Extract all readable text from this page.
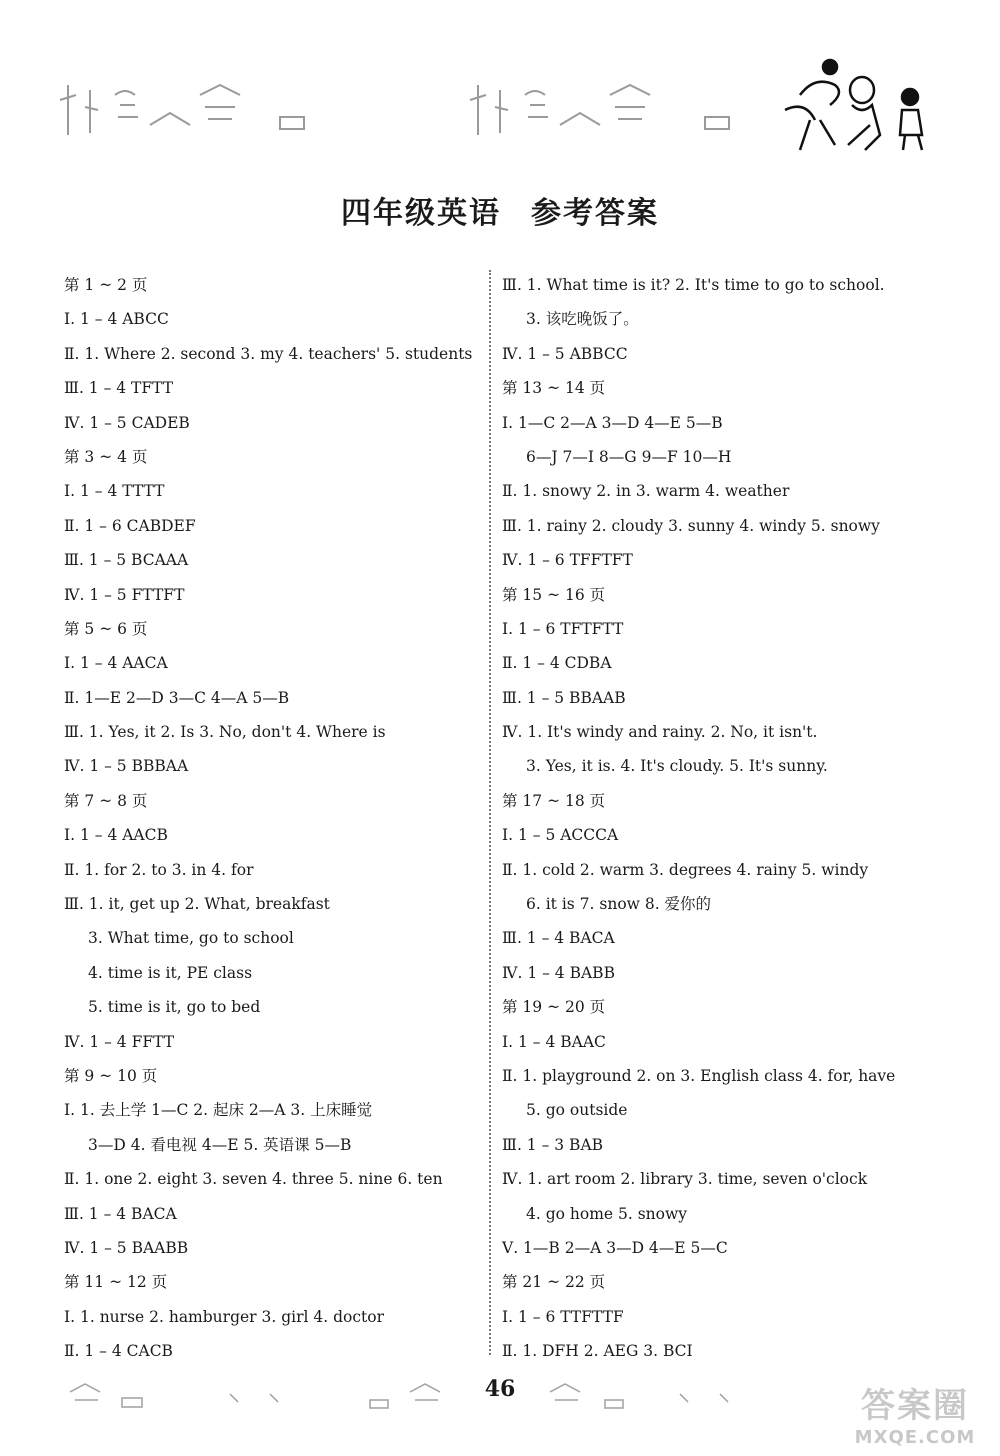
四年级英语 参考答案
第 1 ~ 2 页
Ⅰ. 1 – 4 ABCC
Ⅱ. 1. Where 2. second 3. my 4. teachers' 5. students
Ⅲ. 1 – 4 TFTT
Ⅳ. 1 – 5 CADEB
第 3 ~ 4 页
Ⅰ. 1 – 4 TTTT
Ⅱ. 1 – 6 CABDEF
Ⅲ. 1 – 5 BCAAA
Ⅳ. 1 – 5 FTTFT
第 5 ~ 6 页
Ⅰ. 1 – 4 AACA
Ⅱ. 1—E 2—D 3—C 4—A 5—B
Ⅲ. 1. Yes, it 2. Is 3. No, don't 4. Where is
Ⅳ. 1 – 5 BBBAA
第 7 ~ 8 页
Ⅰ. 1 – 4 AACB
Ⅱ. 1. for 2. to 3. in 4. for
Ⅲ. 1. it, get up 2. What, breakfast
3. What time, go to school
4. time is it, PE class
5. time is it, go to bed
Ⅳ. 1 – 4 FFTT
第 9 ~ 10 页
Ⅰ. 1. 去上学 1—C 2. 起床 2—A 3. 上床睡觉
3—D 4. 看电视 4—E 5. 英语课 5—B
Ⅱ. 1. one 2. eight 3. seven 4. three 5. nine 6. ten
Ⅲ. 1 – 4 BACA
Ⅳ. 1 – 5 BAABB
第 11 ~ 12 页
Ⅰ. 1. nurse 2. hamburger 3. girl 4. doctor
Ⅱ. 1 – 4 CACB
Ⅲ. 1. What time is it? 2. It's time to go to school.
3. 该吃晚饭了。
Ⅳ. 1 – 5 ABBCC
第 13 ~ 14 页
Ⅰ. 1—C 2—A 3—D 4—E 5—B
6—J 7—I 8—G 9—F 10—H
Ⅱ. 1. snowy 2. in 3. warm 4. weather
Ⅲ. 1. rainy 2. cloudy 3. sunny 4. windy 5. snowy
Ⅳ. 1 – 6 TFFTFT
第 15 ~ 16 页
Ⅰ. 1 – 6 TFTFTT
Ⅱ. 1 – 4 CDBA
Ⅲ. 1 – 5 BBAAB
Ⅳ. 1. It's windy and rainy. 2. No, it isn't.
3. Yes, it is. 4. It's cloudy. 5. It's sunny.
第 17 ~ 18 页
Ⅰ. 1 – 5 ACCCA
Ⅱ. 1. cold 2. warm 3. degrees 4. rainy 5. windy
6. it is 7. snow 8. 爱你的
Ⅲ. 1 – 4 BACA
Ⅳ. 1 – 4 BABB
第 19 ~ 20 页
Ⅰ. 1 – 4 BAAC
Ⅱ. 1. playground 2. on 3. English class 4. for, have
5. go outside
Ⅲ. 1 – 3 BAB
Ⅳ. 1. art room 2. library 3. time, seven o'clock
4. go home 5. snowy
Ⅴ. 1—B 2—A 3—D 4—E 5—C
第 21 ~ 22 页
Ⅰ. 1 – 6 TTFTTF
Ⅱ. 1. DFH 2. AEG 3. BCI
46	答案圈
MXQE.COM
